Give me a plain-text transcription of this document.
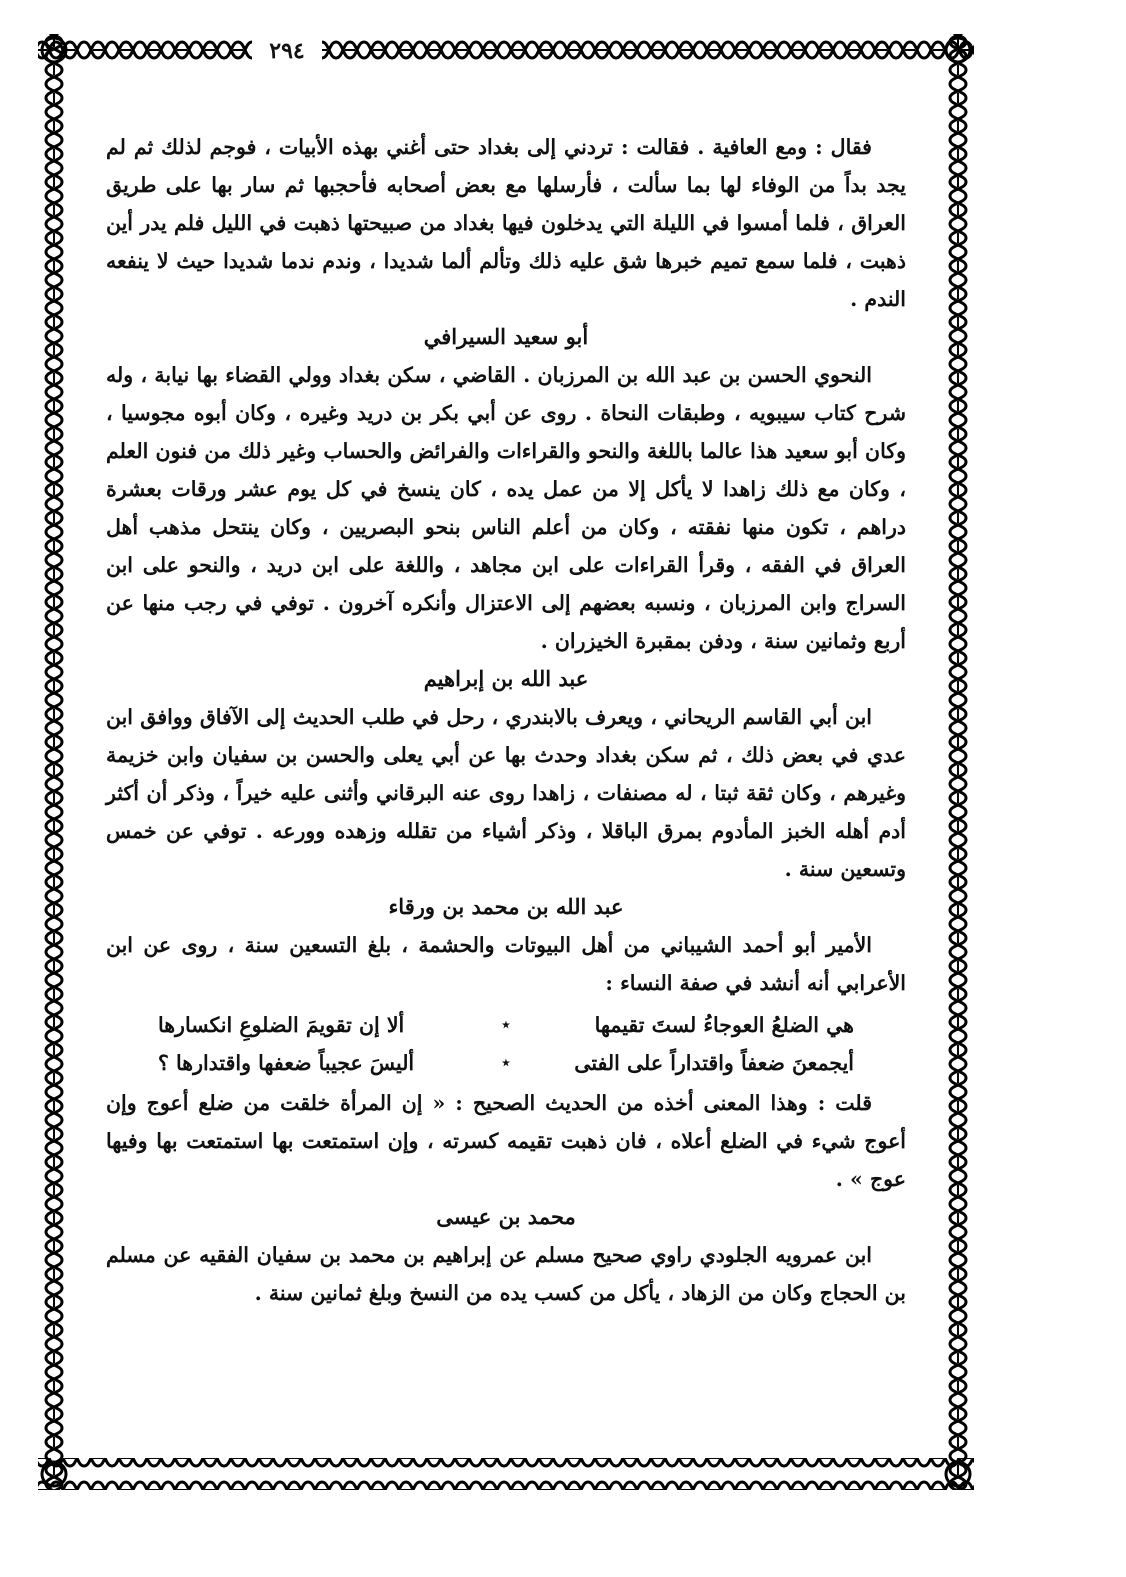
٢٩٤

فقال : ومع العافية . فقالت : تردني إلى بغداد حتى أغني بهذه الأبيات ، فوجم لذلك ثم لم يجد بداً من الوفاء لها بما سألت ، فأرسلها مع بعض أصحابه فأحجبها ثم سار بها على طريق العراق ، فلما أمسوا في الليلة التي يدخلون فيها بغداد من صبيحتها ذهبت في الليل فلم يدر أين ذهبت ، فلما سمع تميم خبرها شق عليه ذلك وتألم ألما شديدا ، وندم ندما شديدا حيث لا ينفعه الندم .

أبو سعيد السيرافي

النحوي الحسن بن عبد الله بن المرزبان . القاضي ، سكن بغداد وولي القضاء بها نيابة ، وله شرح كتاب سيبويه ، وطبقات النحاة . روى عن أبي بكر بن دريد وغيره ، وكان أبوه مجوسيا ، وكان أبو سعيد هذا عالما باللغة والنحو والقراءات والفرائض والحساب وغير ذلك من فنون العلم ، وكان مع ذلك زاهدا لا يأكل إلا من عمل يده ، كان ينسخ في كل يوم عشر ورقات بعشرة دراهم ، تكون منها نفقته ، وكان من أعلم الناس بنحو البصريين ، وكان ينتحل مذهب أهل العراق في الفقه ، وقرأ القراءات على ابن مجاهد ، واللغة على ابن دريد ، والنحو على ابن السراج وابن المرزبان ، ونسبه بعضهم إلى الاعتزال وأنكره آخرون . توفي في رجب منها عن أربع وثمانين سنة ، ودفن بمقبرة الخيزران .

عبد الله بن إبراهيم

ابن أبي القاسم الريحاني ، ويعرف بالابندري ، رحل في طلب الحديث إلى الآفاق ووافق ابن عدي في بعض ذلك ، ثم سكن بغداد وحدث بها عن أبي يعلى والحسن بن سفيان وابن خزيمة وغيرهم ، وكان ثقة ثبتا ، له مصنفات ، زاهدا روى عنه البرقاني وأثنى عليه خيراً ، وذكر أن أكثر أدم أهله الخبز المأدوم بمرق الباقلا ، وذكر أشياء من تقلله وزهده وورعه . توفي عن خمس وتسعين سنة .

عبد الله بن محمد بن ورقاء

الأمير أبو أحمد الشيباني من أهل البيوتات والحشمة ، بلغ التسعين سنة ، روى عن ابن الأعرابي أنه أنشد في صفة النساء :

هي الضلعُ العوجاءُ لستَ تقيمها
٭
ألا إن تقويمَ الضلوعِ انكسارها
أيجمعنَ ضعفاً واقتداراً على الفتى
٭
أليسَ عجيباً ضعفها واقتدارها ؟

قلت : وهذا المعنى أخذه من الحديث الصحيح : « إن المرأة خلقت من ضلع أعوج وإن أعوج شيء في الضلع أعلاه ، فان ذهبت تقيمه كسرته ، وإن استمتعت بها استمتعت بها وفيها عوج » .

محمد بن عيسى

ابن عمرويه الجلودي راوي صحيح مسلم عن إبراهيم بن محمد بن سفيان الفقيه عن مسلم بن الحجاج وكان من الزهاد ، يأكل من كسب يده من النسخ وبلغ ثمانين سنة .
